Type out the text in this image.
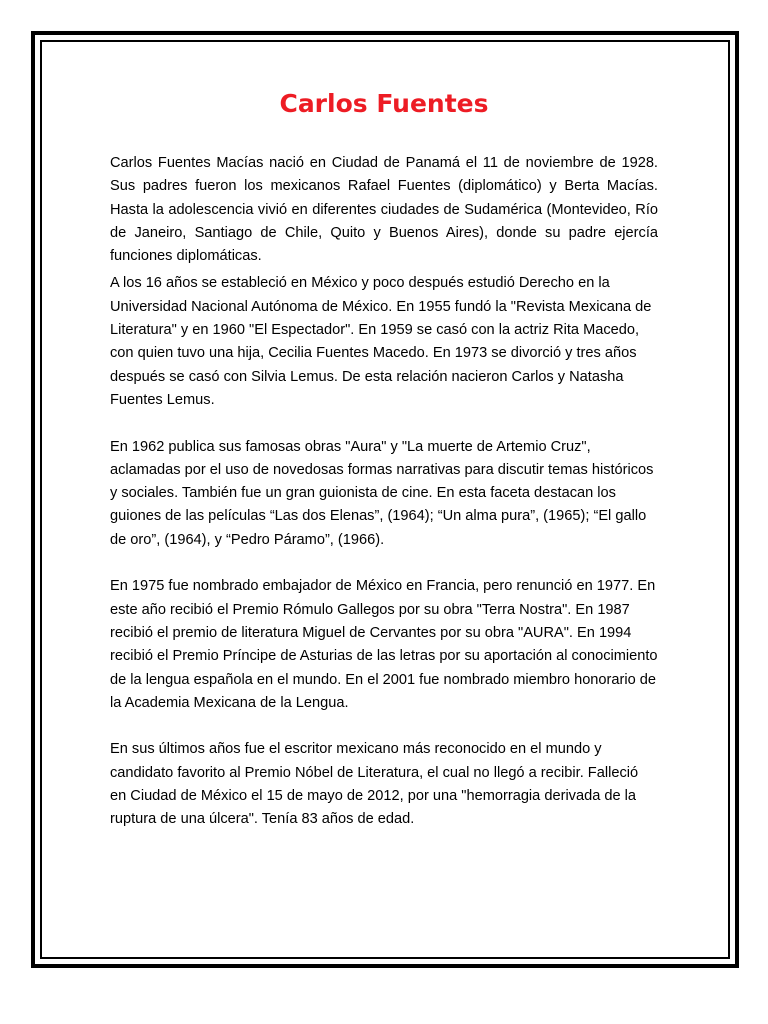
Carlos Fuentes

Carlos Fuentes Macías nació en Ciudad de Panamá el 11 de noviembre de 1928. Sus padres fueron los mexicanos Rafael Fuentes (diplomático) y Berta Macías. Hasta la adolescencia vivió en diferentes ciudades de Sudamérica (Montevideo, Río de Janeiro, Santiago de Chile, Quito y Buenos Aires), donde su padre ejercía funciones diplomáticas.

A los 16 años se estableció en México y poco después estudió Derecho en la Universidad Nacional Autónoma de México. En 1955 fundó la "Revista Mexicana de Literatura" y en 1960 "El Espectador". En 1959 se casó con la actriz Rita Macedo, con quien tuvo una hija, Cecilia Fuentes Macedo. En 1973 se divorció y tres años después se casó con Silvia Lemus. De esta relación nacieron Carlos y Natasha Fuentes Lemus.

En 1962 publica sus famosas obras "Aura" y "La muerte de Artemio Cruz", aclamadas por el uso de novedosas formas narrativas para discutir temas históricos y sociales. También fue un gran guionista de cine. En esta faceta destacan los guiones de las películas “Las dos Elenas”, (1964); “Un alma pura”, (1965); “El gallo de oro”, (1964), y “Pedro Páramo”, (1966).

En 1975 fue nombrado embajador de México en Francia, pero renunció en 1977. En este año recibió el Premio Rómulo Gallegos por su obra "Terra Nostra". En 1987 recibió el premio de literatura Miguel de Cervantes por su obra "AURA". En 1994 recibió el Premio Príncipe de Asturias de las letras por su aportación al conocimiento de la lengua española en el mundo. En el 2001 fue nombrado miembro honorario de la Academia Mexicana de la Lengua.

En sus últimos años fue el escritor mexicano más reconocido en el mundo y candidato favorito al Premio Nóbel de Literatura, el cual no llegó a recibir. Falleció en Ciudad de México el 15 de mayo de 2012, por una "hemorragia derivada de la ruptura de una úlcera". Tenía 83 años de edad.
